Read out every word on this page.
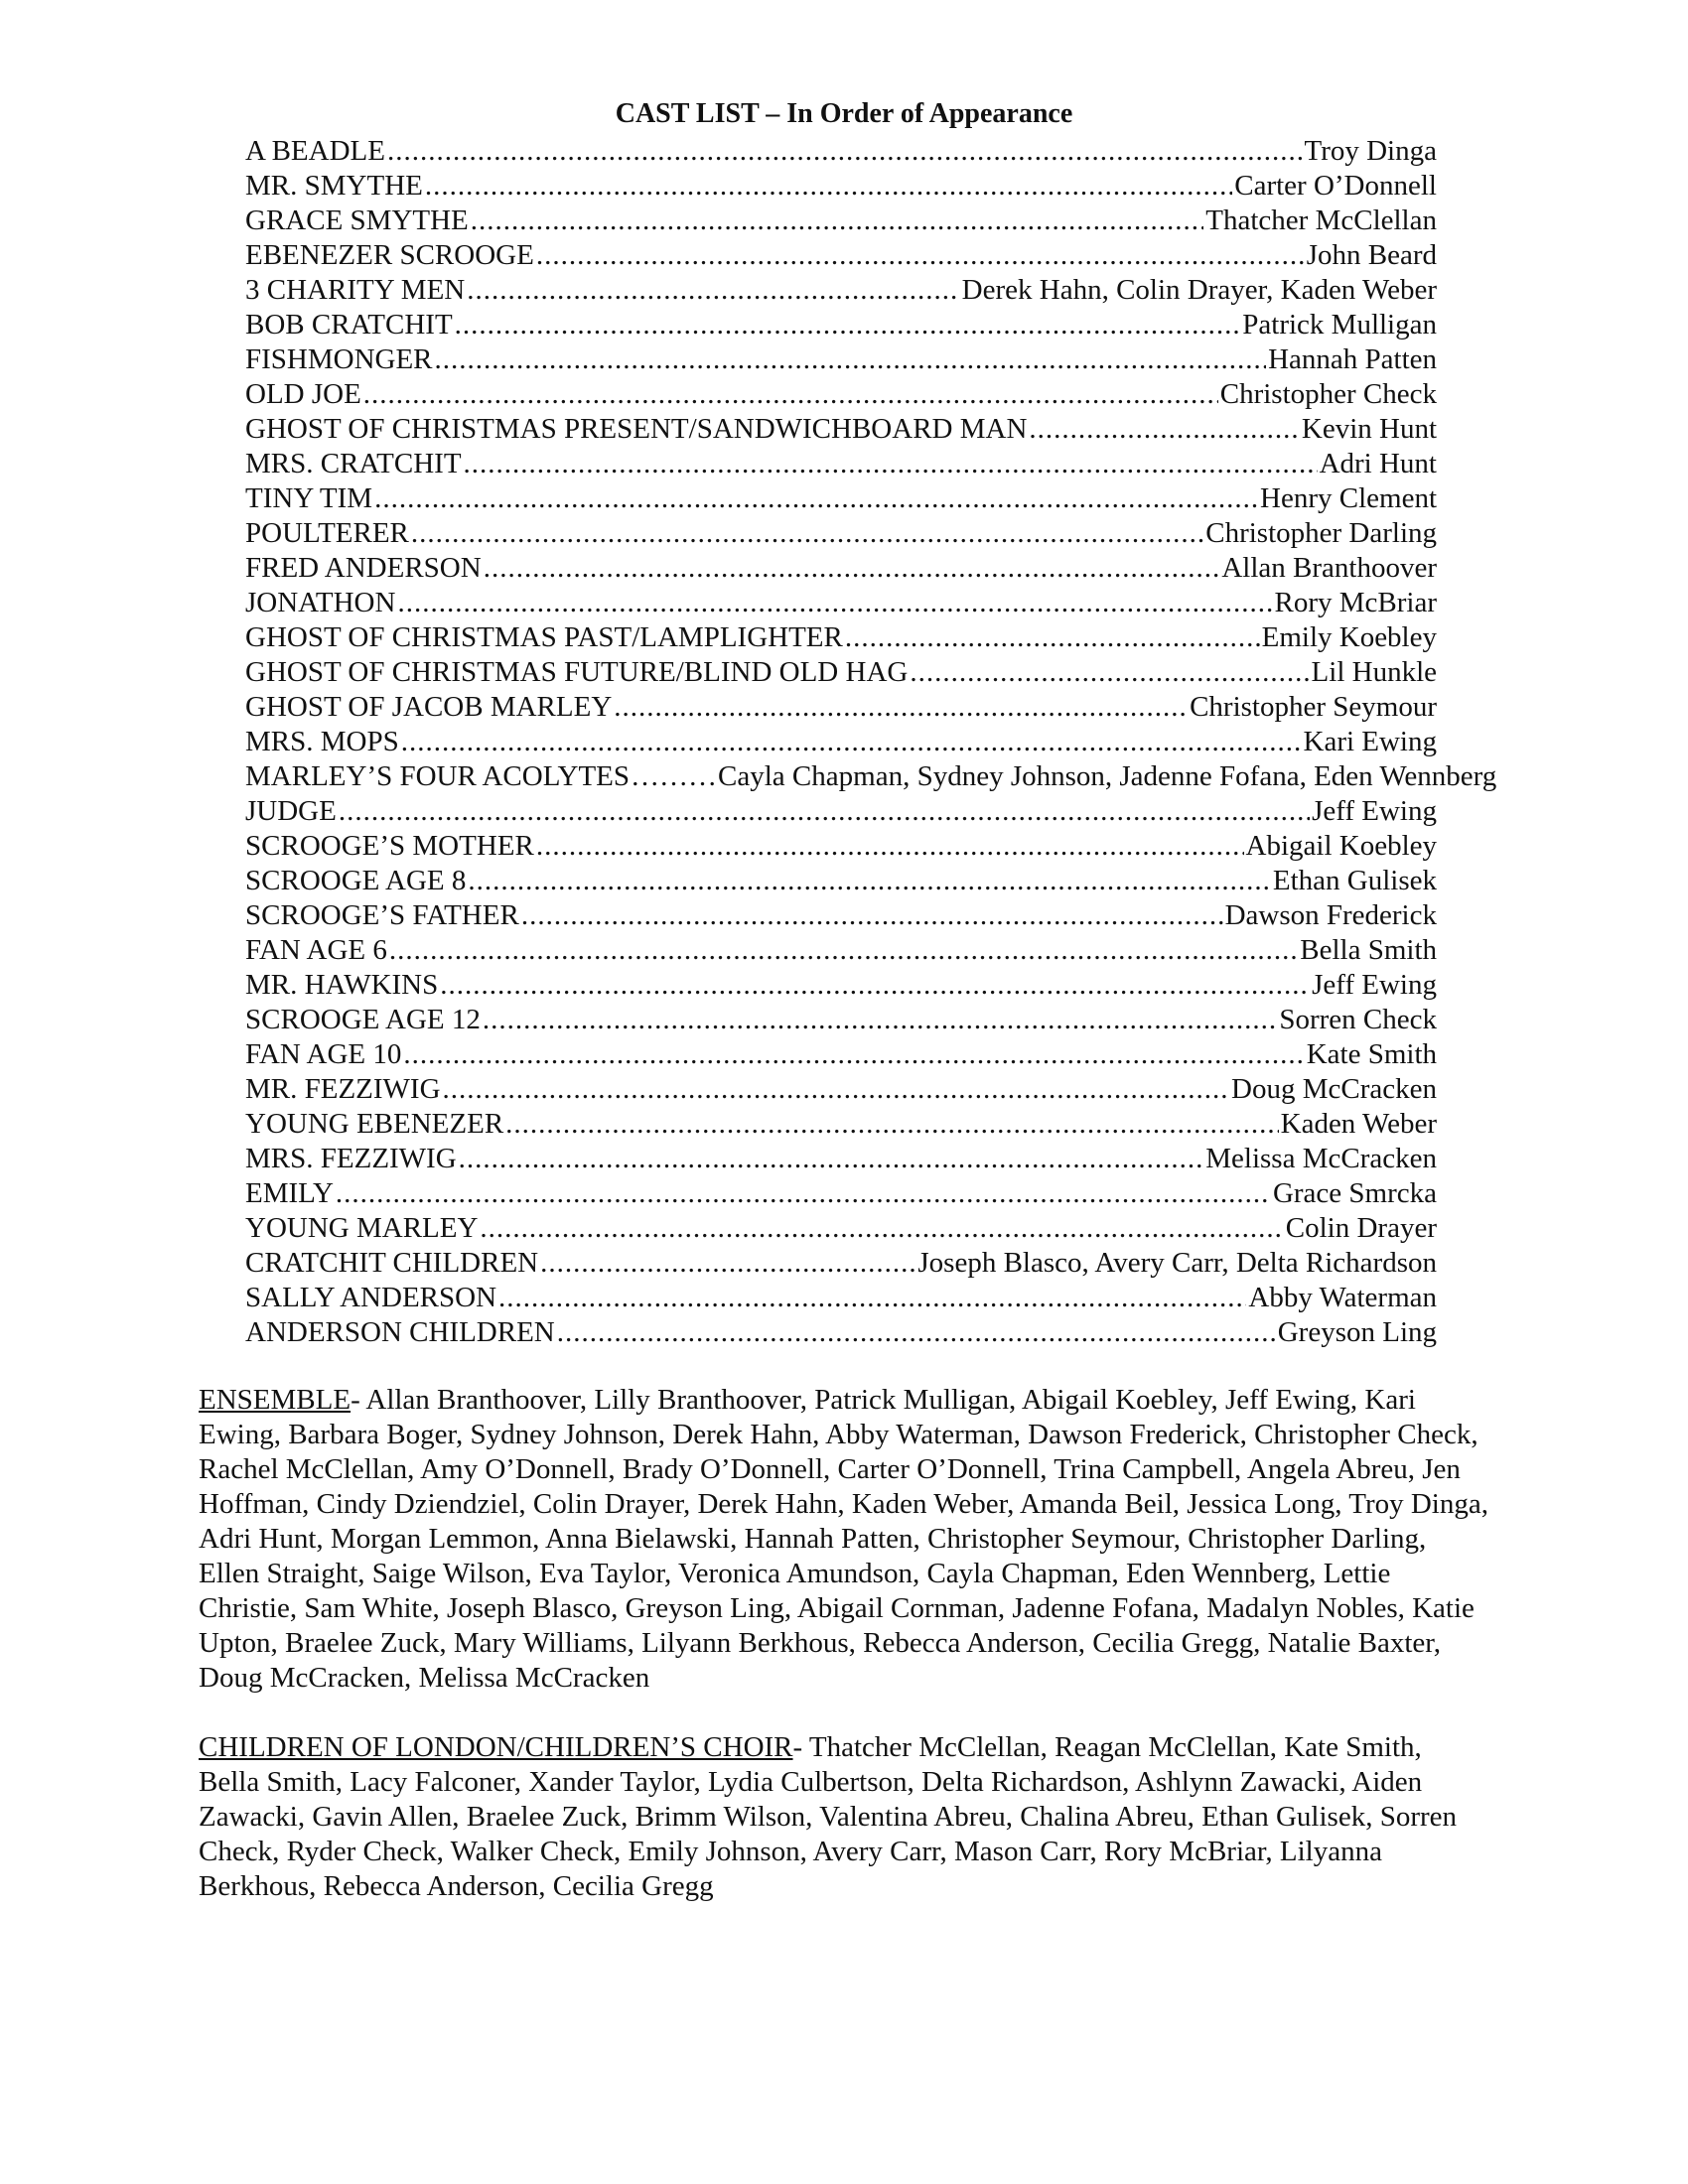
CAST LIST – In Order of Appearance
A BEADLE .....	Troy Dinga
MR. SMYTHE .....	Carter O’Donnell
GRACE SMYTHE .....	Thatcher McClellan
EBENEZER SCROOGE .....	John Beard
3 CHARITY MEN .....	Derek Hahn, Colin Drayer, Kaden Weber
BOB CRATCHIT .....	Patrick Mulligan
FISHMONGER .....	Hannah Patten
OLD JOE .....	Christopher Check
GHOST OF CHRISTMAS PRESENT/SANDWICHBOARD MAN .....	Kevin Hunt
MRS. CRATCHIT .....	Adri Hunt
TINY TIM .....	Henry Clement
POULTERER .....	Christopher Darling
FRED ANDERSON .....	Allan Branthoover
JONATHON .....	Rory McBriar
GHOST OF CHRISTMAS PAST/LAMPLIGHTER .....	Emily Koebley
GHOST OF CHRISTMAS FUTURE/BLIND OLD HAG .....	Lil Hunkle
GHOST OF JACOB MARLEY .....	Christopher Seymour
MRS. MOPS .....	Kari Ewing
MARLEY’S FOUR ACOLYTES ………	Cayla Chapman, Sydney Johnson, Jadenne Fofana, Eden Wennberg
JUDGE .....	Jeff Ewing
SCROOGE’S MOTHER .....	Abigail Koebley
SCROOGE AGE 8 .....	Ethan Gulisek
SCROOGE’S FATHER .....	Dawson Frederick
FAN AGE 6 .....	Bella Smith
MR. HAWKINS .....	Jeff Ewing
SCROOGE AGE 12 .....	Sorren Check
FAN AGE 10 .....	Kate Smith
MR. FEZZIWIG .....	Doug McCracken
YOUNG EBENEZER .....	Kaden Weber
MRS. FEZZIWIG .....	Melissa McCracken
EMILY .....	Grace Smrcka
YOUNG MARLEY .....	Colin Drayer
CRATCHIT CHILDREN .....	Joseph Blasco, Avery Carr, Delta Richardson
SALLY ANDERSON .....	Abby Waterman
ANDERSON CHILDREN .....	Greyson Ling
ENSEMBLE- Allan Branthoover, Lilly Branthoover, Patrick Mulligan, Abigail Koebley, Jeff Ewing, Kari Ewing, Barbara Boger, Sydney Johnson, Derek Hahn, Abby Waterman, Dawson Frederick, Christopher Check, Rachel McClellan, Amy O’Donnell, Brady O’Donnell, Carter O’Donnell, Trina Campbell, Angela Abreu, Jen Hoffman, Cindy Dziendziel, Colin Drayer, Derek Hahn, Kaden Weber, Amanda Beil, Jessica Long, Troy Dinga, Adri Hunt, Morgan Lemmon, Anna Bielawski, Hannah Patten, Christopher Seymour, Christopher Darling, Ellen Straight, Saige Wilson, Eva Taylor, Veronica Amundson, Cayla Chapman, Eden Wennberg, Lettie Christie, Sam White, Joseph Blasco, Greyson Ling, Abigail Cornman, Jadenne Fofana, Madalyn Nobles, Katie Upton, Braelee Zuck, Mary Williams, Lilyann Berkhous, Rebecca Anderson, Cecilia Gregg, Natalie Baxter, Doug McCracken, Melissa McCracken
CHILDREN OF LONDON/CHILDREN’S CHOIR- Thatcher McClellan, Reagan McClellan, Kate Smith, Bella Smith, Lacy Falconer, Xander Taylor, Lydia Culbertson, Delta Richardson, Ashlynn Zawacki, Aiden Zawacki, Gavin Allen, Braelee Zuck, Brimm Wilson, Valentina Abreu, Chalina Abreu, Ethan Gulisek, Sorren Check, Ryder Check, Walker Check, Emily Johnson, Avery Carr, Mason Carr, Rory McBriar, Lilyanna Berkhous, Rebecca Anderson, Cecilia Gregg
